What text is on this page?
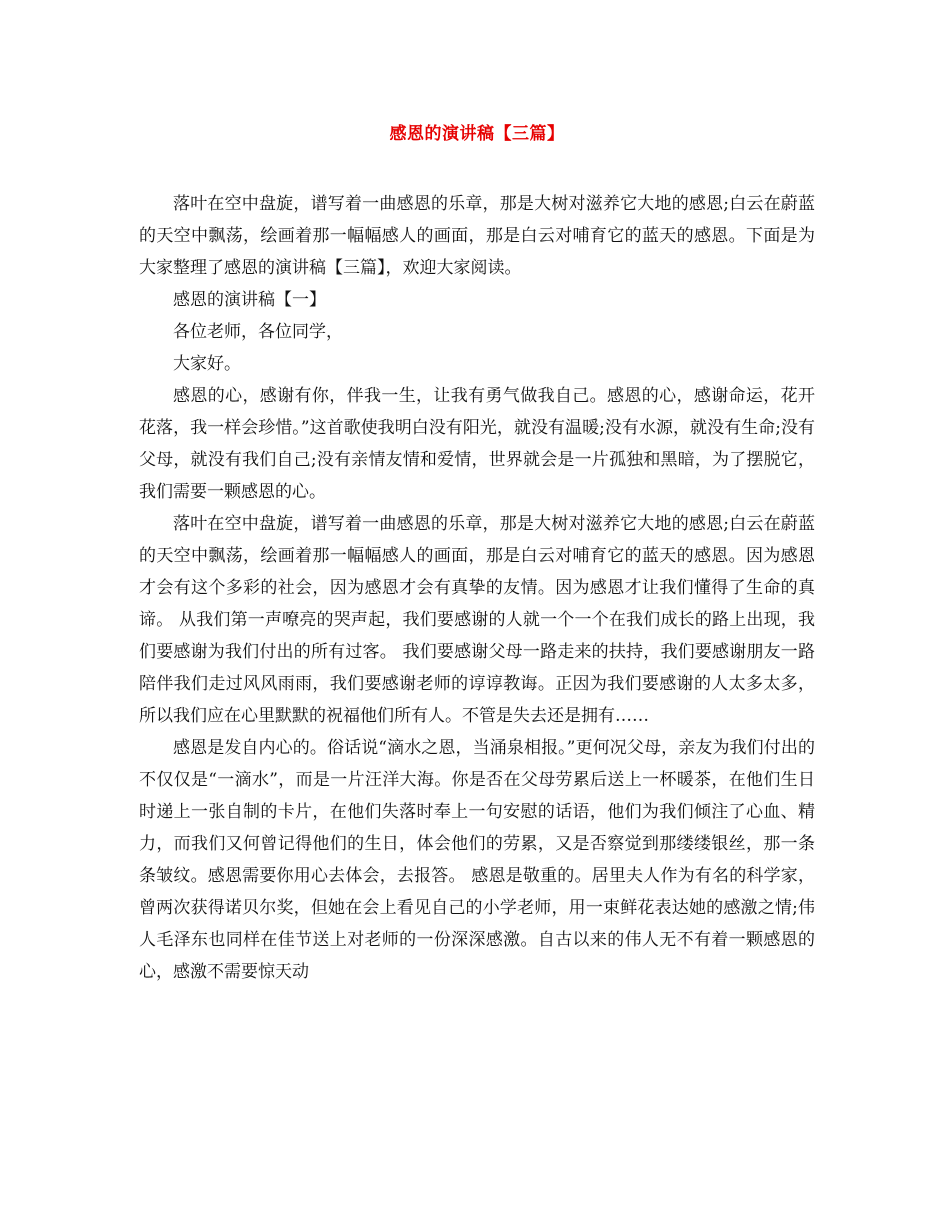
感恩的演讲稿【三篇】

落叶在空中盘旋，谱写着一曲感恩的乐章，那是大树对滋养它大地的感恩;白云在蔚蓝的天空中飘荡，绘画着那一幅幅感人的画面，那是白云对哺育它的蓝天的感恩。下面是为大家整理了感恩的演讲稿【三篇】，欢迎大家阅读。

感恩的演讲稿【一】

各位老师，各位同学，

大家好。

感恩的心，感谢有你，伴我一生，让我有勇气做我自己。感恩的心，感谢命运，花开花落，我一样会珍惜。”这首歌使我明白没有阳光，就没有温暖;没有水源，就没有生命;没有父母，就没有我们自己;没有亲情友情和爱情，世界就会是一片孤独和黑暗，为了摆脱它，我们需要一颗感恩的心。

落叶在空中盘旋，谱写着一曲感恩的乐章，那是大树对滋养它大地的感恩;白云在蔚蓝的天空中飘荡，绘画着那一幅幅感人的画面，那是白云对哺育它的蓝天的感恩。因为感恩才会有这个多彩的社会，因为感恩才会有真挚的友情。因为感恩才让我们懂得了生命的真谛。 从我们第一声嘹亮的哭声起，我们要感谢的人就一个一个在我们成长的路上出现，我们要感谢为我们付出的所有过客。 我们要感谢父母一路走来的扶持，我们要感谢朋友一路陪伴我们走过风风雨雨，我们要感谢老师的谆谆教诲。正因为我们要感谢的人太多太多，所以我们应在心里默默的祝福他们所有人。不管是失去还是拥有……

感恩是发自内心的。俗话说“滴水之恩，当涌泉相报。”更何况父母，亲友为我们付出的不仅仅是“一滴水”，而是一片汪洋大海。你是否在父母劳累后送上一杯暖茶，在他们生日时递上一张自制的卡片，在他们失落时奉上一句安慰的话语，他们为我们倾注了心血、精力，而我们又何曾记得他们的生日，体会他们的劳累，又是否察觉到那缕缕银丝，那一条条皱纹。感恩需要你用心去体会，去报答。 感恩是敬重的。居里夫人作为有名的科学家，曾两次获得诺贝尔奖，但她在会上看见自己的小学老师，用一束鲜花表达她的感激之情;伟人毛泽东也同样在佳节送上对老师的一份深深感激。自古以来的伟人无不有着一颗感恩的心，感激不需要惊天动
